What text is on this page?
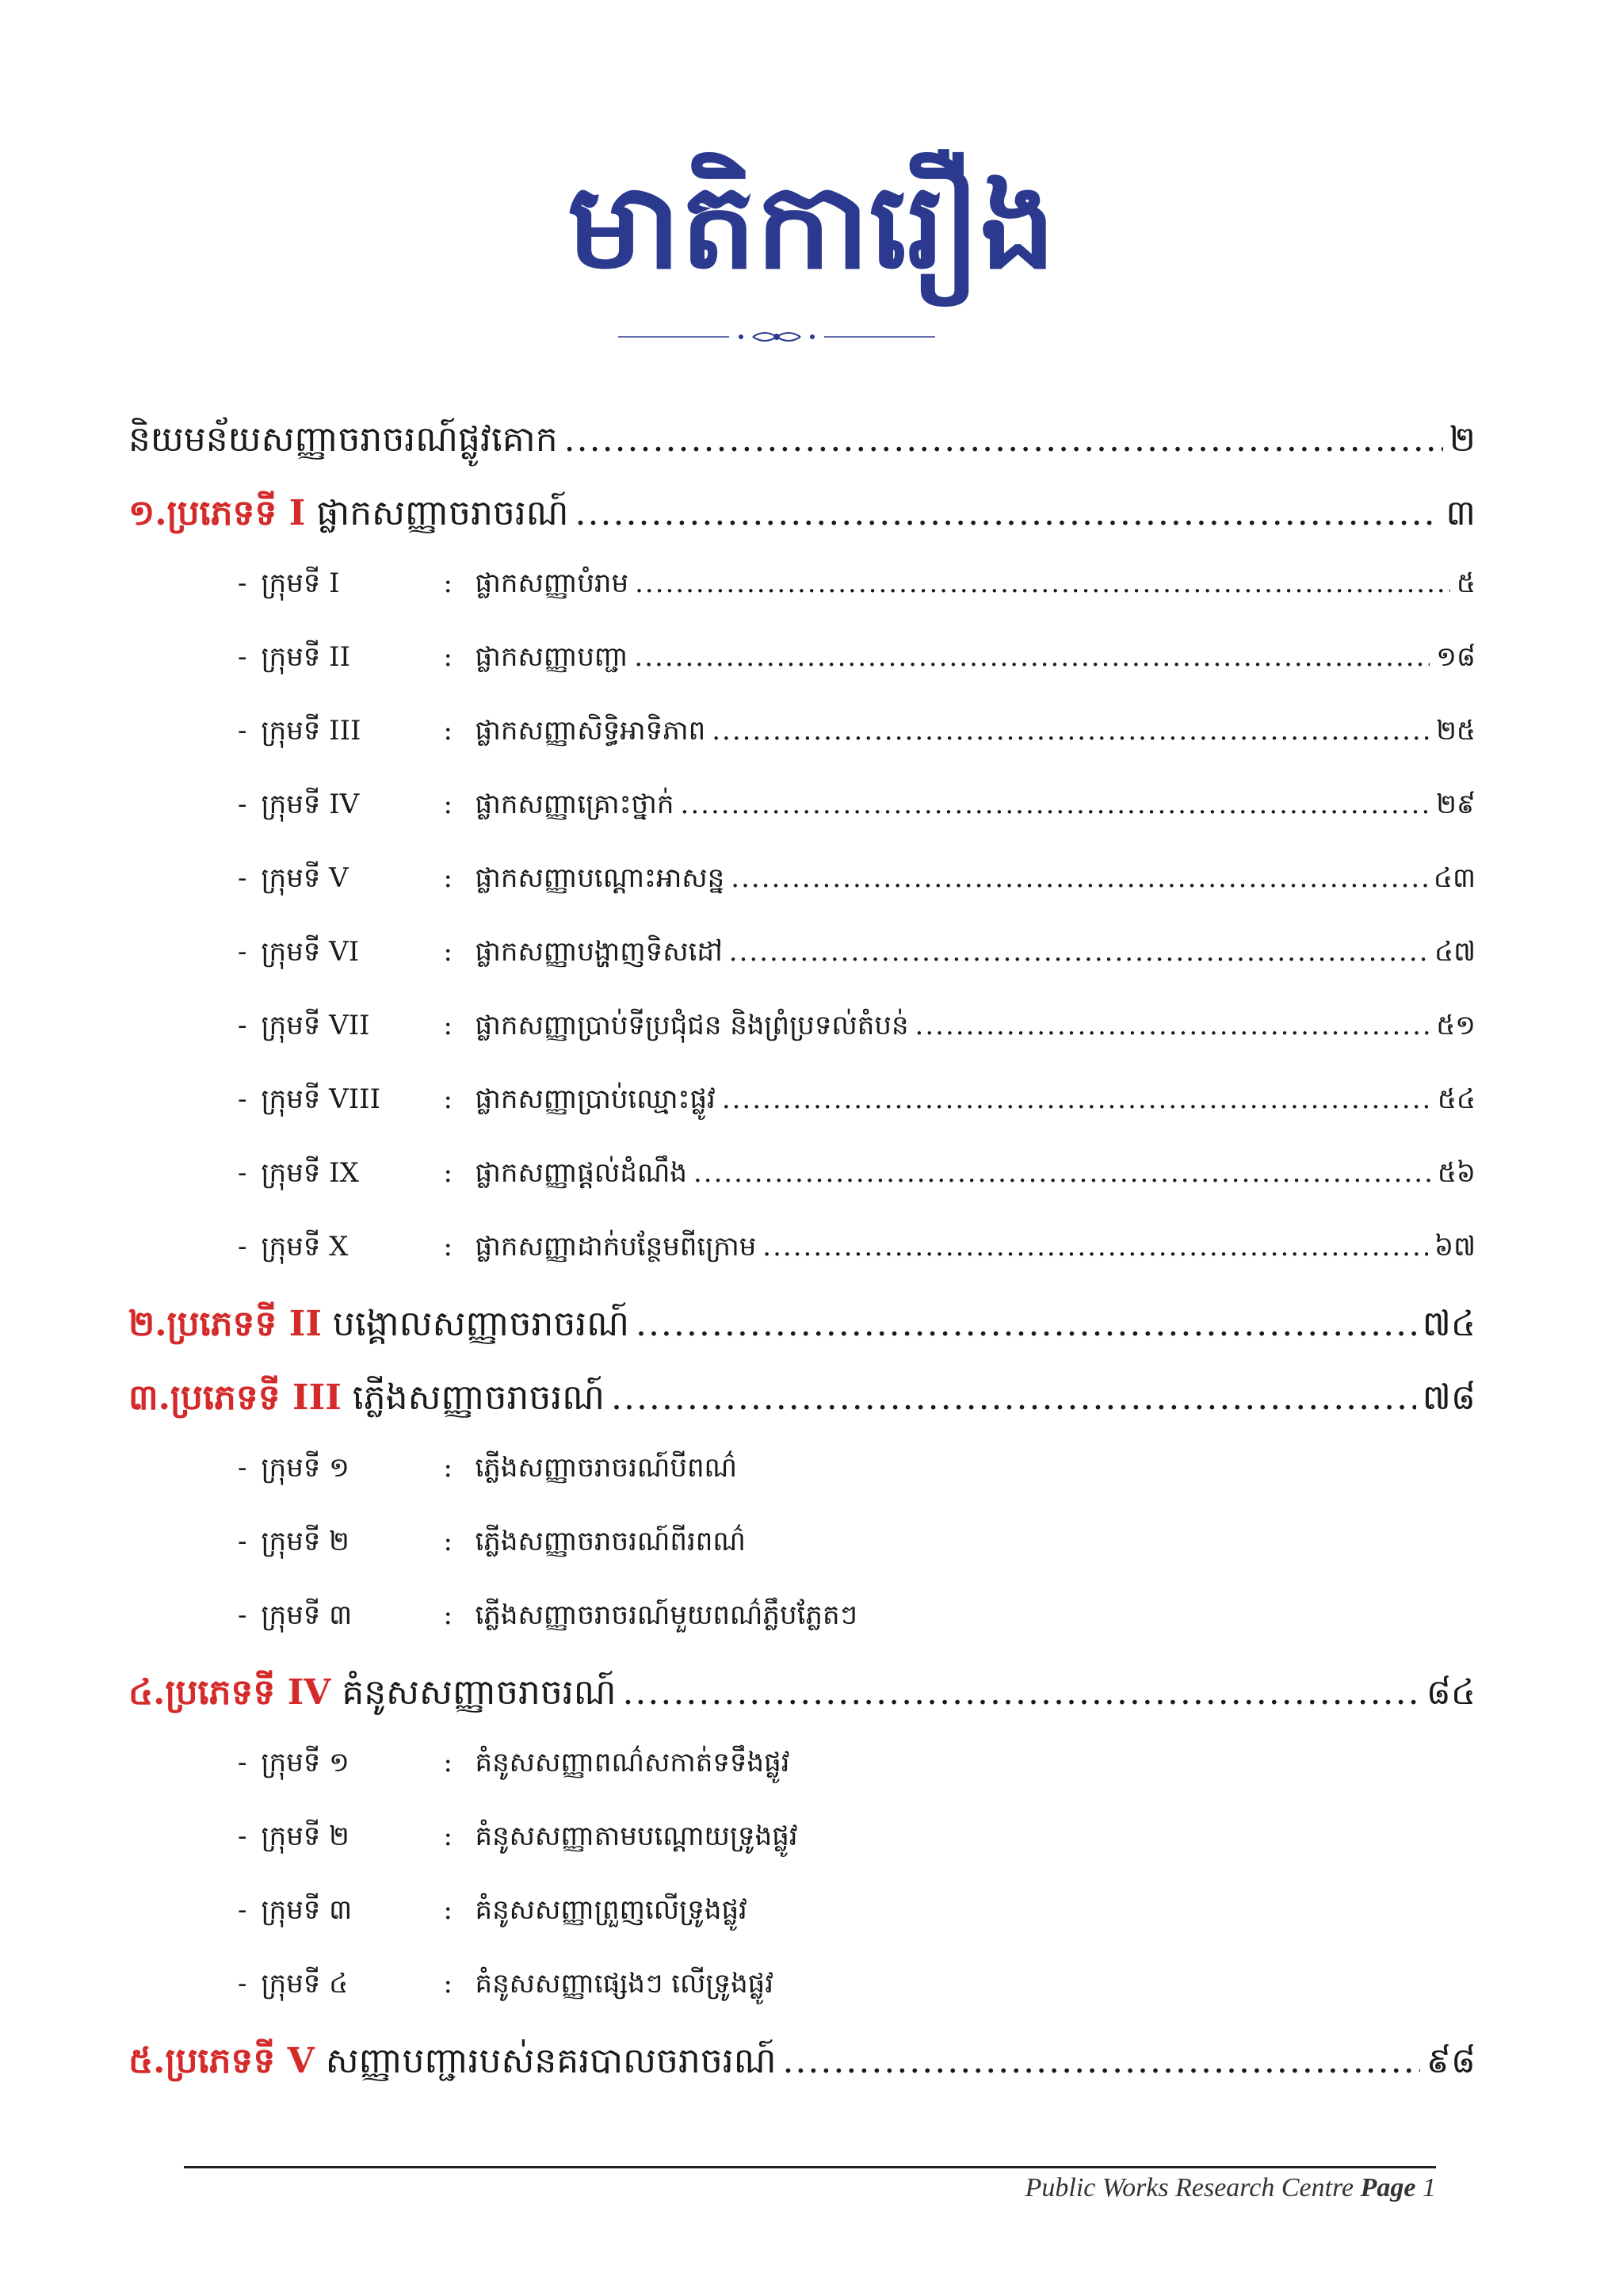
មាតិការឿង
និយមន័យសញ្ញាចរាចរណ៍ផ្លូវគោក .....	២
១. ប្រភេទទី I ផ្លាកសញ្ញាចរាចរណ៍ .....	៣
- ក្រុមទី I	: ផ្លាកសញ្ញាបំរាម .....	៥
- ក្រុមទី II	: ផ្លាកសញ្ញាបញ្ជា .....	១៨
- ក្រុមទី III	: ផ្លាកសញ្ញាសិទ្ធិអាទិភាព .....	២៥
- ក្រុមទី IV	: ផ្លាកសញ្ញាគ្រោះថ្នាក់ .....	២៩
- ក្រុមទី V	: ផ្លាកសញ្ញាបណ្ដោះអាសន្ន .....	៤៣
- ក្រុមទី VI	: ផ្លាកសញ្ញាបង្ហាញទិសដៅ .....	៤៧
- ក្រុមទី VII	: ផ្លាកសញ្ញាប្រាប់ទីប្រជុំជន និងព្រំប្រទល់តំបន់ .....	៥១
- ក្រុមទី VIII	: ផ្លាកសញ្ញាប្រាប់ឈ្មោះផ្លូវ .....	៥៤
- ក្រុមទី IX	: ផ្លាកសញ្ញាផ្ដល់ដំណឹង .....	៥៦
- ក្រុមទី X	: ផ្លាកសញ្ញាដាក់បន្ថែមពីក្រោម .....	៦៧
២. ប្រភេទទី II បង្គោលសញ្ញាចរាចរណ៍ .....	៧៤
៣. ប្រភេទទី III ភ្លើងសញ្ញាចរាចរណ៍ .....	៧៨
- ក្រុមទី ១	: ភ្លើងសញ្ញាចរាចរណ៍បីពណ៌
- ក្រុមទី ២	: ភ្លើងសញ្ញាចរាចរណ៍ពីរពណ៌
- ក្រុមទី ៣	: ភ្លើងសញ្ញាចរាចរណ៍មួយពណ៌ភ្លឹបភ្លែតៗ
៤. ប្រភេទទី IV គំនូសសញ្ញាចរាចរណ៍ .....	៨៤
- ក្រុមទី ១	: គំនូសសញ្ញាពណ៌សកាត់ទទឹងផ្លូវ
- ក្រុមទី ២	: គំនូសសញ្ញាតាមបណ្ដោយទ្រូងផ្លូវ
- ក្រុមទី ៣	: គំនូសសញ្ញាព្រួញលើទ្រូងផ្លូវ
- ក្រុមទី ៤	: គំនូសសញ្ញាផ្សេងៗ លើទ្រូងផ្លូវ
៥. ប្រភេទទី V សញ្ញាបញ្ជារបស់នគរបាលចរាចរណ៍ .....	៩៨
Public Works Research Centre Page 1
